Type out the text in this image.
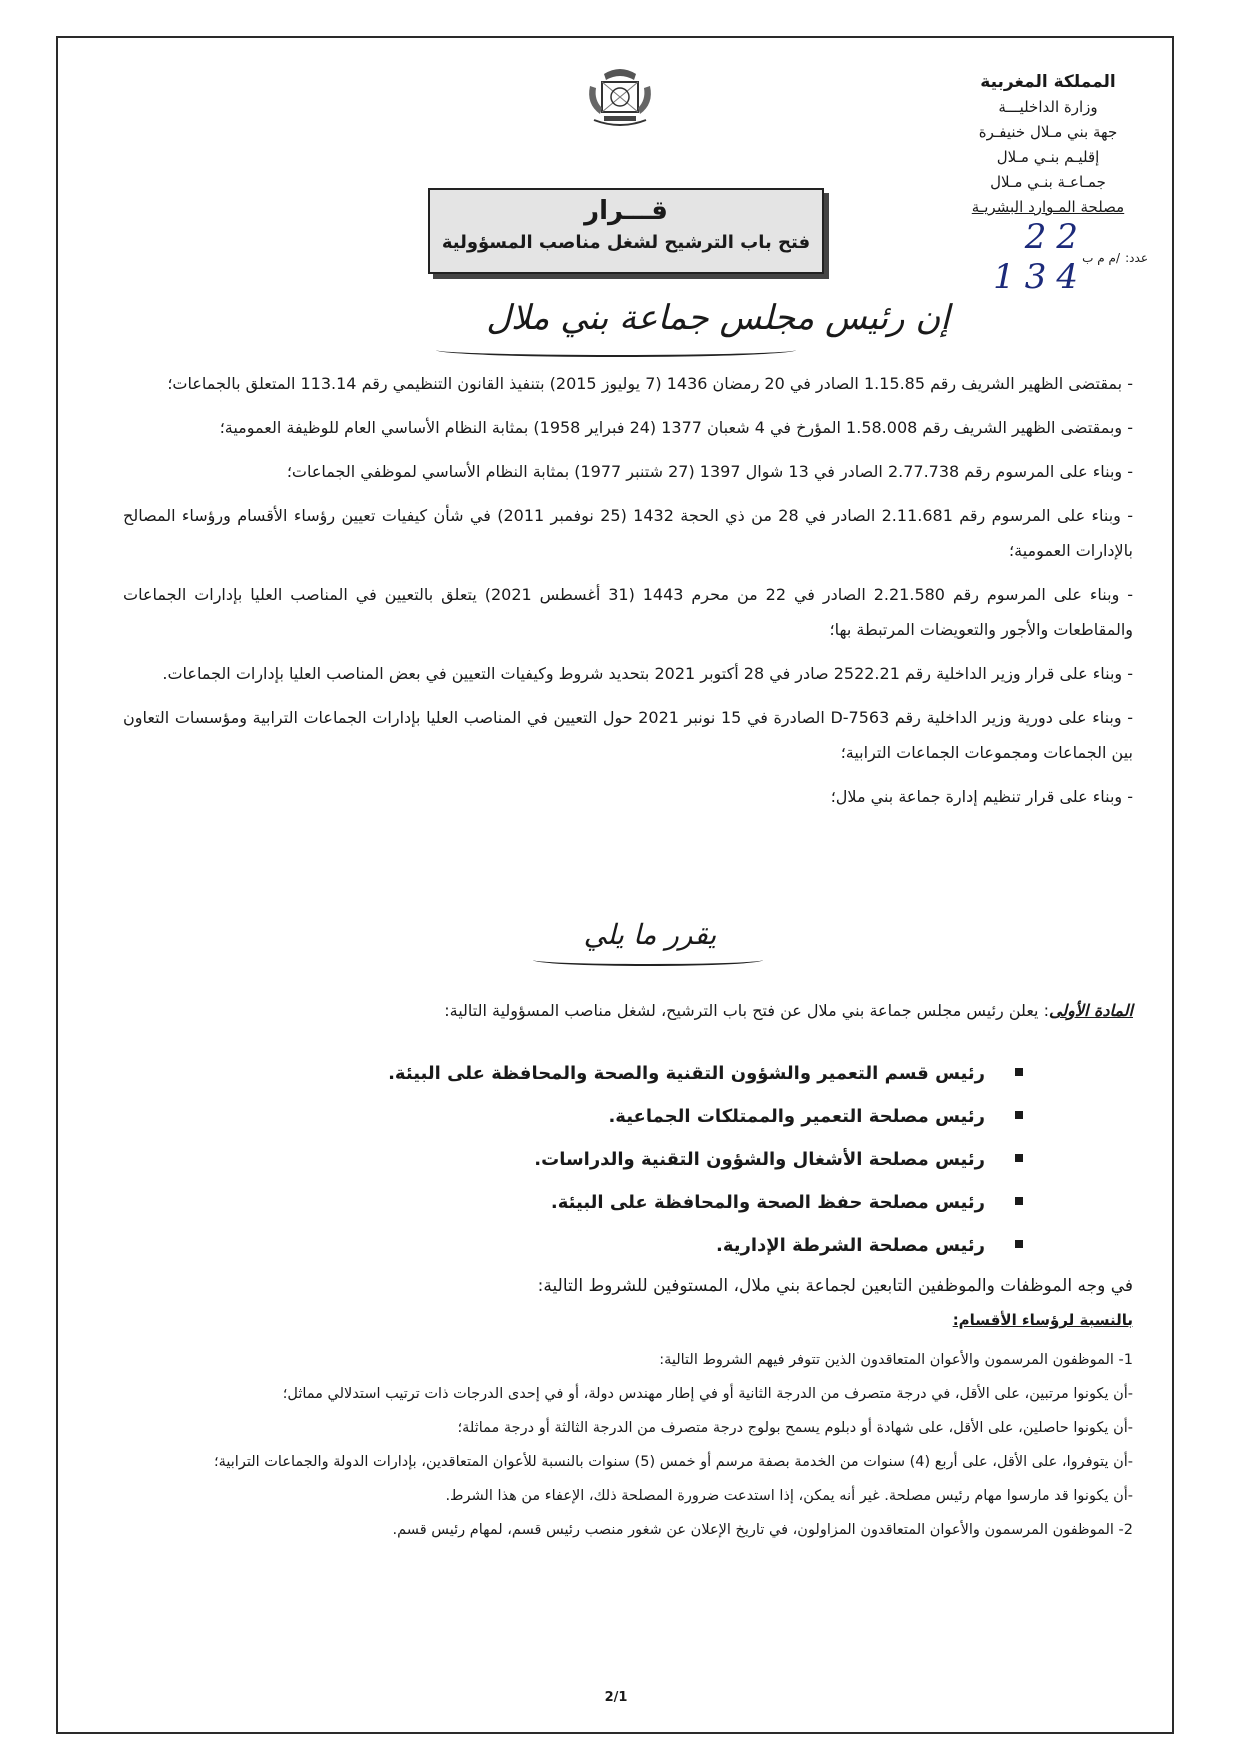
المملكة المغربية
وزارة الداخليـــة
جهة بني مـلال خنيفـرة
إقليـم بنـي مـلال
جمـاعـة بنـي مـلال
مصلحة المـوارد البشريـة
عدد:
22 134
/م م ب
قـــرار
فتح باب الترشيح لشغل مناصب المسؤولية
إن رئيس مجلس جماعة بني ملال

- بمقتضى الظهير الشريف رقم 1.15.85 الصادر في 20 رمضان 1436 (7 يوليوز 2015) بتنفيذ القانون التنظيمي رقم 113.14 المتعلق بالجماعات؛

- وبمقتضى الظهير الشريف رقم 1.58.008 المؤرخ في 4 شعبان 1377 (24 فبراير 1958) بمثابة النظام الأساسي العام للوظيفة العمومية؛

- وبناء على المرسوم رقم 2.77.738 الصادر في 13 شوال 1397 (27 شتنبر 1977) بمثابة النظام الأساسي لموظفي الجماعات؛

- وبناء على المرسوم رقم 2.11.681 الصادر في 28 من ذي الحجة 1432 (25 نوفمبر 2011) في شأن كيفيات تعيين رؤساء الأقسام ورؤساء المصالح بالإدارات العمومية؛

- وبناء على المرسوم رقم 2.21.580 الصادر في 22 من محرم 1443 (31 أغسطس 2021) يتعلق بالتعيين في المناصب العليا بإدارات الجماعات والمقاطعات والأجور والتعويضات المرتبطة بها؛

- وبناء على قرار وزير الداخلية رقم 2522.21 صادر في 28 أكتوبر 2021 بتحديد شروط وكيفيات التعيين في بعض المناصب العليا بإدارات الجماعات.

- وبناء على دورية وزير الداخلية رقم D-7563 الصادرة في 15 نونبر 2021 حول التعيين في المناصب العليا بإدارات الجماعات الترابية ومؤسسات التعاون بين الجماعات ومجموعات الجماعات الترابية؛

- وبناء على قرار تنظيم إدارة جماعة بني ملال؛

يقرر ما يلي
المادة الأولى: يعلن رئيس مجلس جماعة بني ملال عن فتح باب الترشيح، لشغل مناصب المسؤولية التالية:
رئيس قسم التعمير والشؤون التقنية والصحة والمحافظة على البيئة.
رئيس مصلحة التعمير والممتلكات الجماعية.
رئيس مصلحة الأشغال والشؤون التقنية والدراسات.
رئيس مصلحة حفظ الصحة والمحافظة على البيئة.
رئيس مصلحة الشرطة الإدارية.
في وجه الموظفات والموظفين التابعين لجماعة بني ملال، المستوفين للشروط التالية:
بالنسبة لرؤساء الأقسام:

1- الموظفون المرسمون والأعوان المتعاقدون الذين تتوفر فيهم الشروط التالية:

-أن يكونوا مرتبين، على الأقل، في درجة متصرف من الدرجة الثانية أو في إطار مهندس دولة، أو في إحدى الدرجات ذات ترتيب استدلالي مماثل؛

-أن يكونوا حاصلين، على الأقل، على شهادة أو دبلوم يسمح بولوج درجة متصرف من الدرجة الثالثة أو درجة مماثلة؛

-أن يتوفروا، على الأقل، على أربع (4) سنوات من الخدمة بصفة مرسم أو خمس (5) سنوات بالنسبة للأعوان المتعاقدين، بإدارات الدولة والجماعات الترابية؛

-أن يكونوا قد مارسوا مهام رئيس مصلحة. غير أنه يمكن، إذا استدعت ضرورة المصلحة ذلك، الإعفاء من هذا الشرط.

2- الموظفون المرسمون والأعوان المتعاقدون المزاولون، في تاريخ الإعلان عن شغور منصب رئيس قسم، لمهام رئيس قسم.

2/1
